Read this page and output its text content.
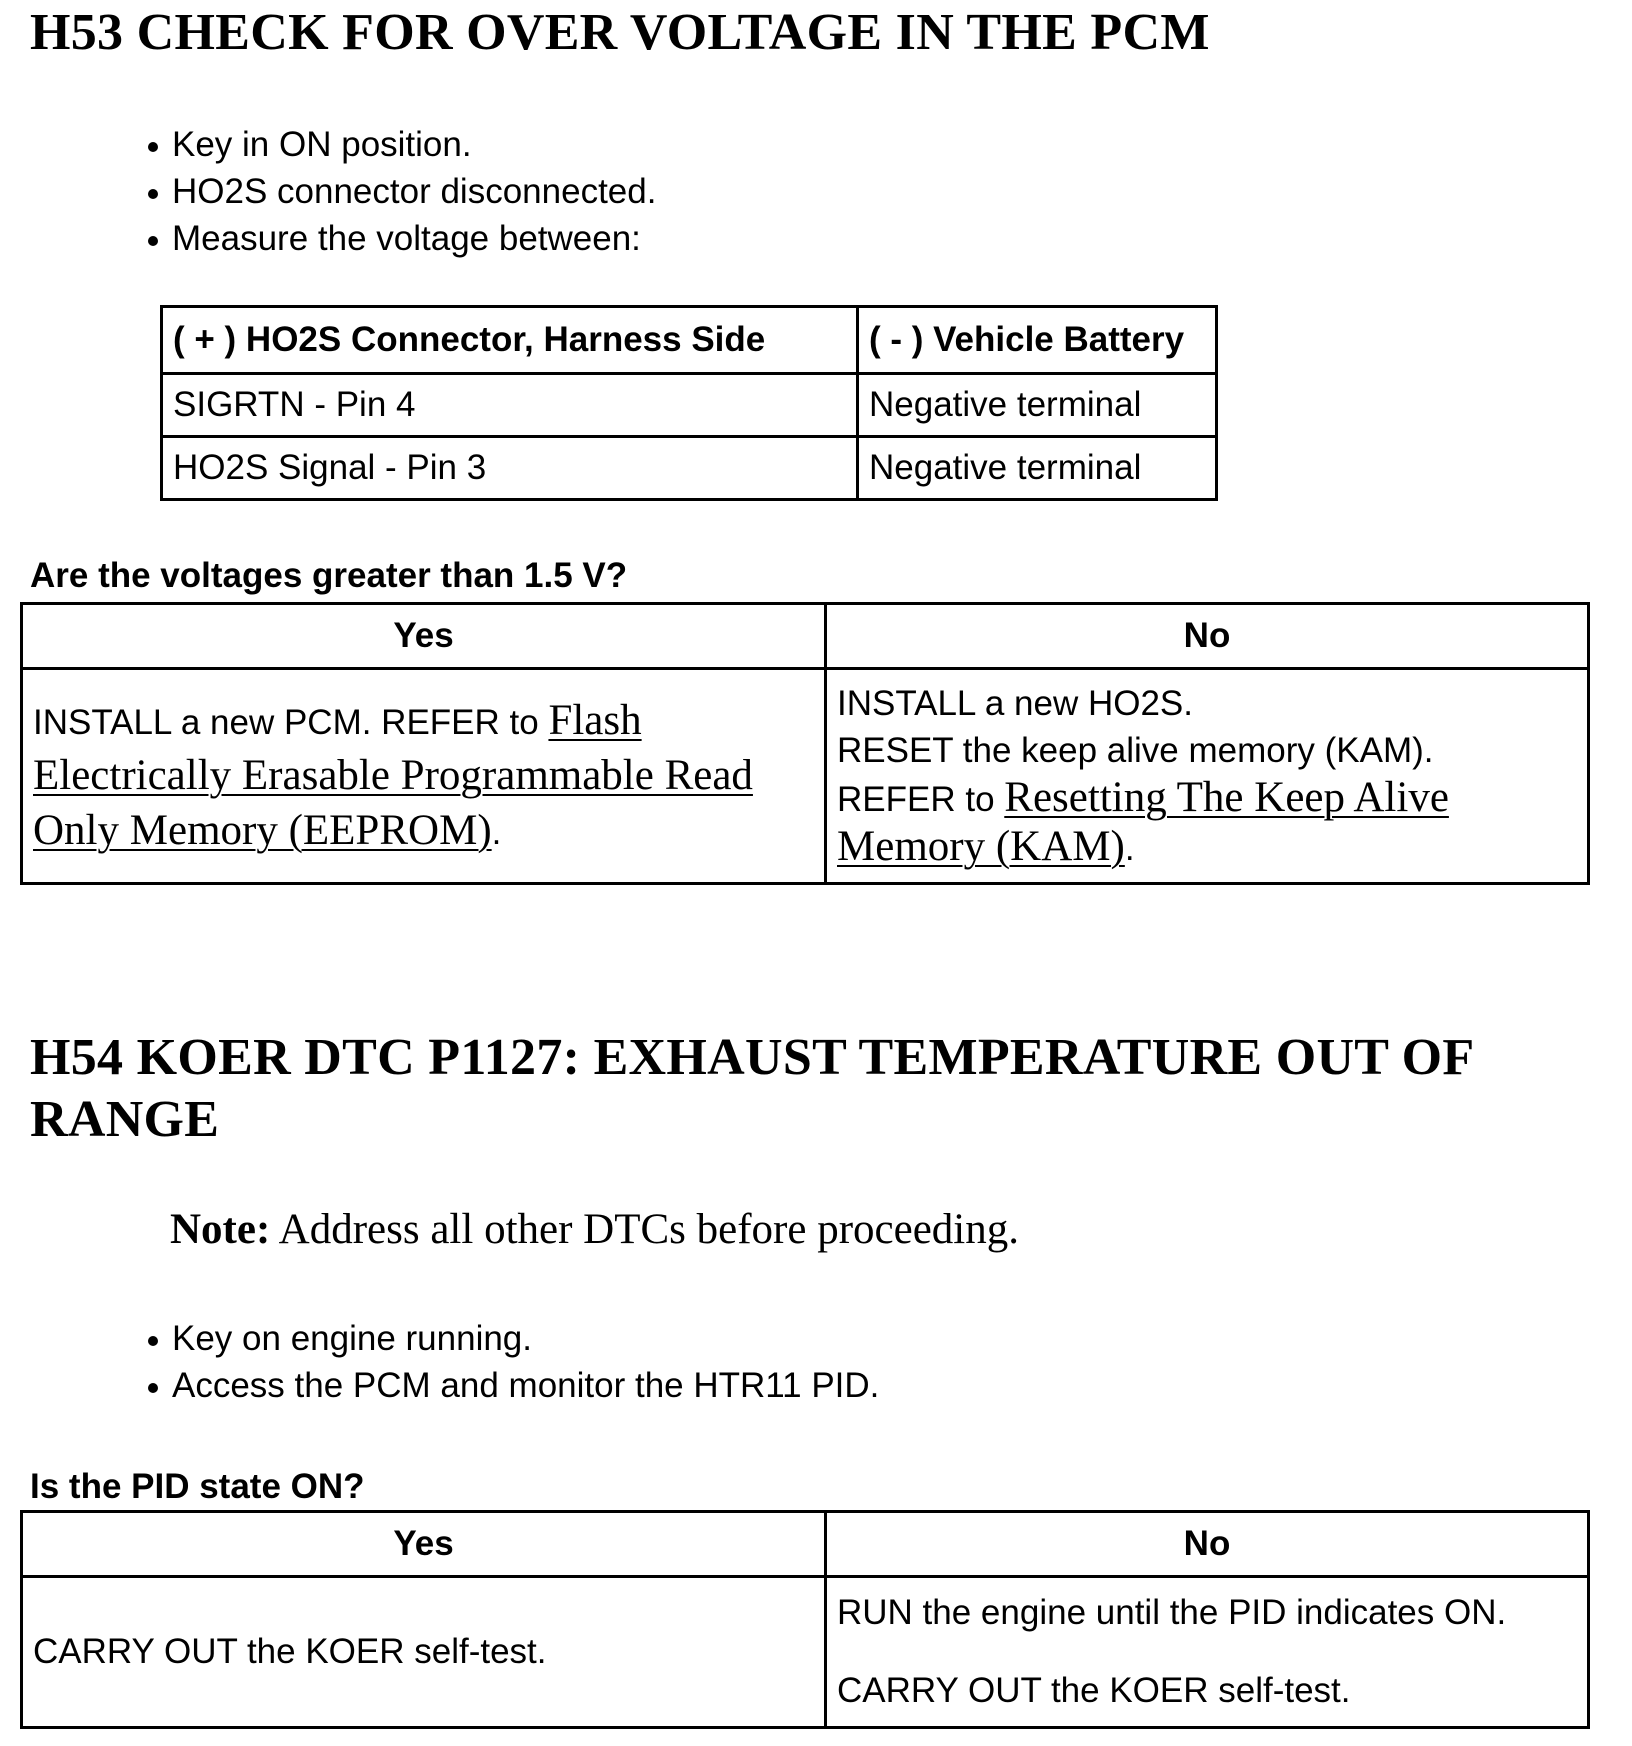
H53 CHECK FOR OVER VOLTAGE IN THE PCM
Key in ON position.
HO2S connector disconnected.
Measure the voltage between:
( + ) HO2S Connector, Harness Side	( - ) Vehicle Battery
SIGRTN - Pin 4	Negative terminal
HO2S Signal - Pin 3	Negative terminal

Are the voltages greater than 1.5 V?

Yes	No
INSTALL a new PCM. REFER to Flash Electrically Erasable Programmable Read Only Memory (EEPROM).	INSTALL a new HO2S.
RESET the keep alive memory (KAM).
REFER to Resetting The Keep Alive Memory (KAM).
H54 KOER DTC P1127: EXHAUST TEMPERATURE OUT OF RANGE

Note: Address all other DTCs before proceeding.

Key on engine running.
Access the PCM and monitor the HTR11 PID.

Is the PID state ON?

Yes	No
CARRY OUT the KOER self-test.	RUN the engine until the PID indicates ON.
CARRY OUT the KOER self-test.
